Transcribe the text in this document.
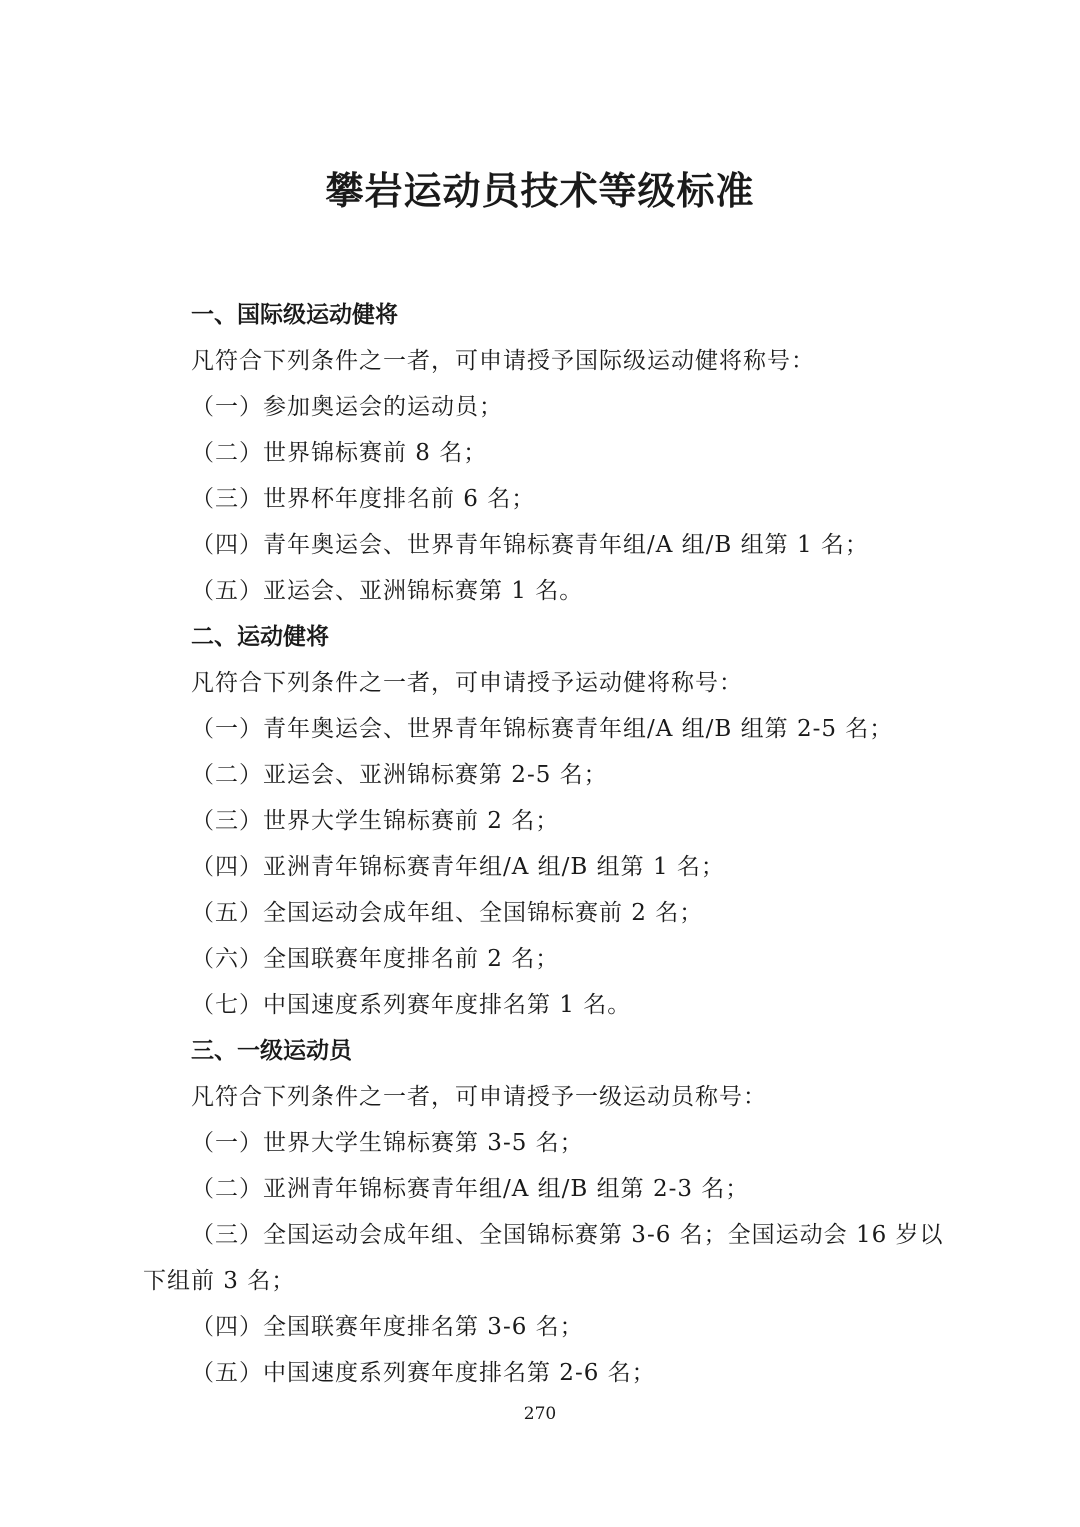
攀岩运动员技术等级标准

一、国际级运动健将

凡符合下列条件之一者，可申请授予国际级运动健将称号：

（一）参加奥运会的运动员；

（二）世界锦标赛前 8 名；

（三）世界杯年度排名前 6 名；

（四）青年奥运会、世界青年锦标赛青年组/A 组/B 组第 1 名；

（五）亚运会、亚洲锦标赛第 1 名。

二、运动健将

凡符合下列条件之一者，可申请授予运动健将称号：

（一）青年奥运会、世界青年锦标赛青年组/A 组/B 组第 2-5 名；

（二）亚运会、亚洲锦标赛第 2-5 名；

（三）世界大学生锦标赛前 2 名；

（四）亚洲青年锦标赛青年组/A 组/B 组第 1 名；

（五）全国运动会成年组、全国锦标赛前 2 名；

（六）全国联赛年度排名前 2 名；

（七）中国速度系列赛年度排名第 1 名。

三、一级运动员

凡符合下列条件之一者，可申请授予一级运动员称号：

（一）世界大学生锦标赛第 3-5 名；

（二）亚洲青年锦标赛青年组/A 组/B 组第 2-3 名；

（三）全国运动会成年组、全国锦标赛第 3-6 名；全国运动会 16 岁以下组前 3 名；

（四）全国联赛年度排名第 3-6 名；

（五）中国速度系列赛年度排名第 2-6 名；

270
